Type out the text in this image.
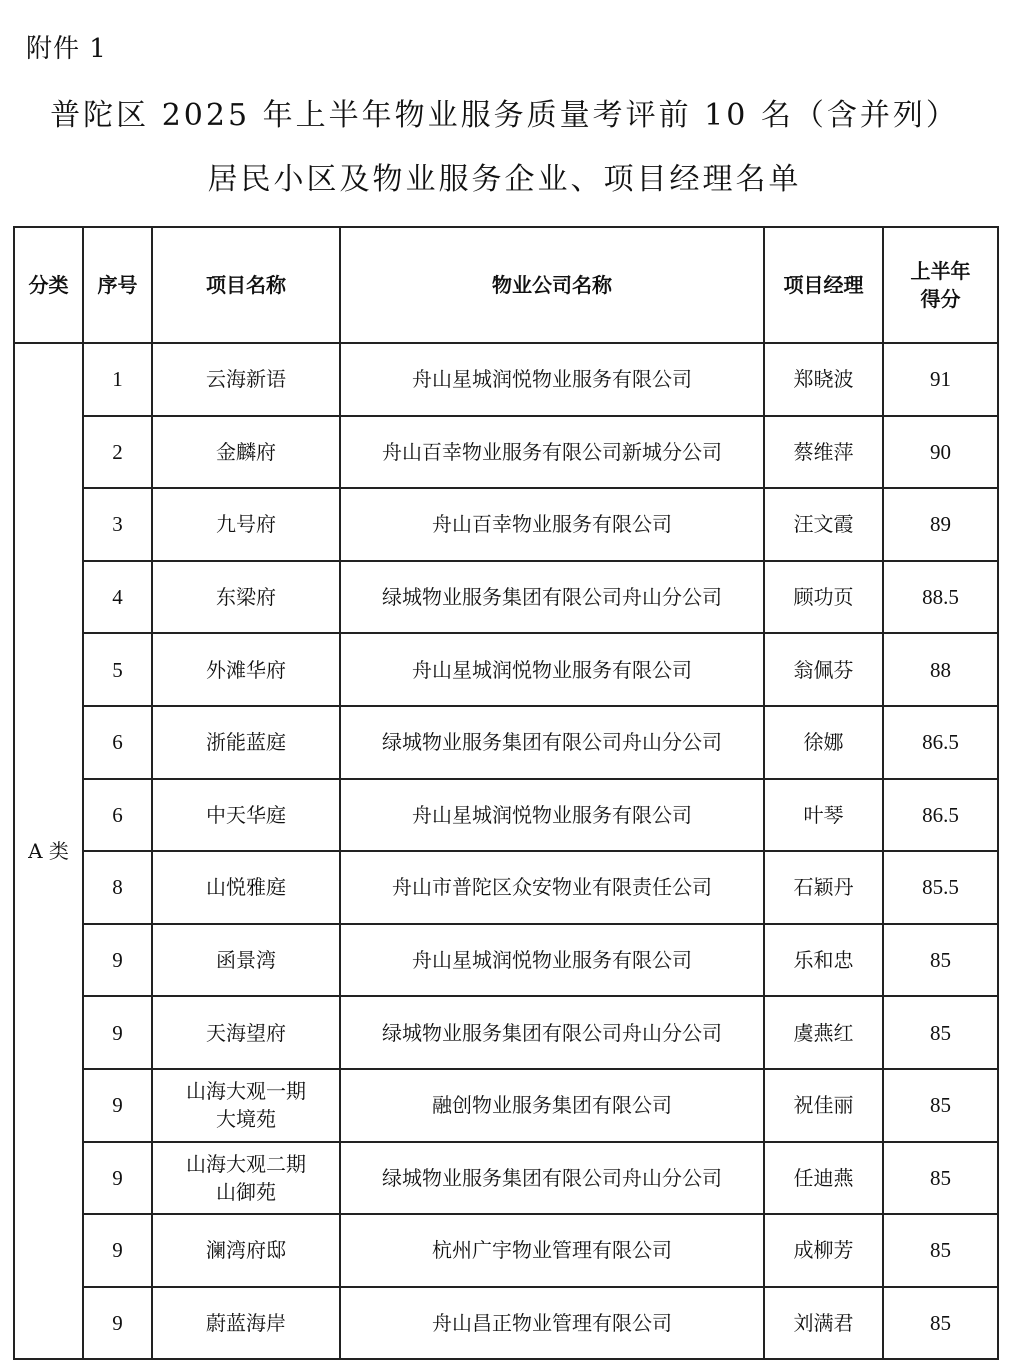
附件 1
普陀区 2025 年上半年物业服务质量考评前 10 名（含并列）
居民小区及物业服务企业、项目经理名单
分类	序号	项目名称	物业公司名称	项目经理	上半年得分
A 类	1	云海新语	舟山星城润悦物业服务有限公司	郑晓波	91
	2	金麟府	舟山百幸物业服务有限公司新城分公司	蔡维萍	90
	3	九号府	舟山百幸物业服务有限公司	汪文霞	89
	4	东梁府	绿城物业服务集团有限公司舟山分公司	顾功页	88.5
	5	外滩华府	舟山星城润悦物业服务有限公司	翁佩芬	88
	6	浙能蓝庭	绿城物业服务集团有限公司舟山分公司	徐娜	86.5
	6	中天华庭	舟山星城润悦物业服务有限公司	叶琴	86.5
	8	山悦雅庭	舟山市普陀区众安物业有限责任公司	石颖丹	85.5
	9	函景湾	舟山星城润悦物业服务有限公司	乐和忠	85
	9	天海望府	绿城物业服务集团有限公司舟山分公司	虞燕红	85
	9	山海大观一期
大境苑	融创物业服务集团有限公司	祝佳丽	85
	9	山海大观二期
山御苑	绿城物业服务集团有限公司舟山分公司	任迪燕	85
	9	澜湾府邸	杭州广宇物业管理有限公司	成柳芳	85
	9	蔚蓝海岸	舟山昌正物业管理有限公司	刘满君	85
